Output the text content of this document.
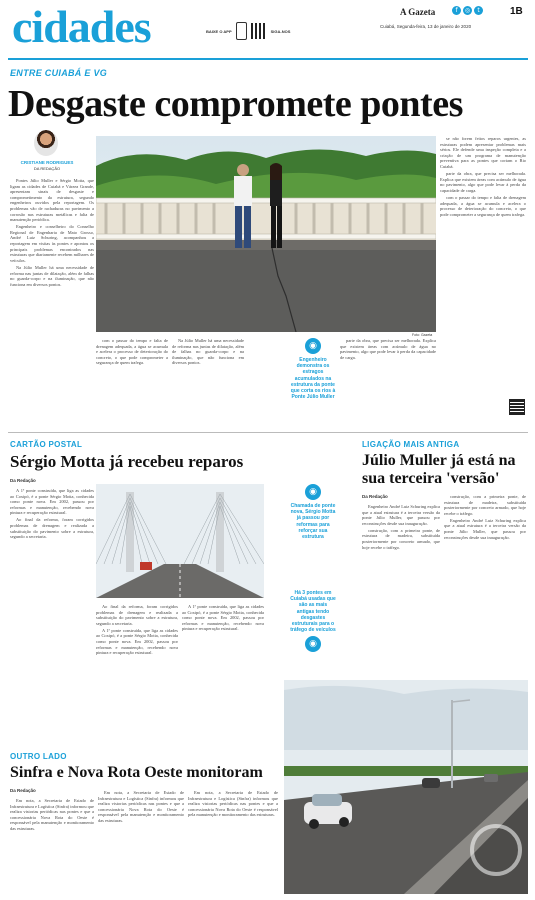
cidades	BAIXE O APP	SIGA-NOS
A Gazeta	f	◎	t	1B
Cuiabá, Segunda-feira, 13 de janeiro de 2020
ENTRE CUIABÁ E VG
Desgaste compromete pontes
CRISTIANE RODRIGUES
DA REDAÇÃO

Pontes Júlio Muller e Sérgio Motta, que ligam as cidades de Cuiabá e Várzea Grande, apresentam sinais de desgaste e comprometimento da estrutura, segundo engenheiros ouvidos pela reportagem. Os problemas vão de rachaduras no pavimento a corrosão nas estruturas metálicas e falta de manutenção periódica.

Engenheiro e conselheiro do Conselho Regional de Engenharia de Mato Grosso, André Luiz Schuring, acompanhou a reportagem em visitas às pontes e apontou os principais problemas encontrados nas estruturas que diariamente recebem milhares de veículos.

Na Júlio Muller há uma necessidade de reforma nas juntas de dilatação, além de falhas no guarda-corpo e na iluminação, que não funciona em diversos pontos.

Foto: Gazeta

se não forem feitos reparos urgentes, as estruturas podem apresentar problemas mais sérios. Ele defende uma inspeção completa e a criação de um programa de manutenção preventiva para as pontes que cortam o Rio Cuiabá.

parte da obra, que precisa ser melhorada. Explica que existem áreas com acúmulo de água no pavimento, algo que pode levar à perda da capacidade de carga.

com o passar do tempo e falta de drenagem adequada, a água se acumula e acelera o processo de deterioração do concreto, o que pode comprometer a segurança de quem trafega.

com o passar do tempo e falta de drenagem adequada, a água se acumula e acelera o processo de deterioração do concreto, o que pode comprometer a segurança de quem trafega.

Na Júlio Muller há uma necessidade de reforma nas juntas de dilatação, além de falhas no guarda-corpo e na iluminação, que não funciona em diversos pontos.

◉
Engenheiro demonstra os estragos acumulados na estrutura da ponte que corta os rios à Ponte Júlio Muller

parte da obra, que precisa ser melhorada. Explica que existem áreas com acúmulo de água no pavimento, algo que pode levar à perda da capacidade de carga.

CARTÃO POSTAL
Sérgio Motta já recebeu reparos
Da Redação

A 1ª ponte construída, que liga as cidades ao Coxipó, é a ponte Sérgio Motta, conhecida como ponte nova. Em 2002, passou por reformas e manutenção, recebendo nova pintura e recuperação estrutural.

Ao final da reforma, foram corrigidos problemas de drenagem e realizada a substituição do pavimento sobre a estrutura, segundo a secretaria.

Ao final da reforma, foram corrigidos problemas de drenagem e realizada a substituição do pavimento sobre a estrutura, segundo a secretaria.

A 1ª ponte construída, que liga as cidades ao Coxipó, é a ponte Sérgio Motta, conhecida como ponte nova. Em 2002, passou por reformas e manutenção, recebendo nova pintura e recuperação estrutural.

A 1ª ponte construída, que liga as cidades ao Coxipó, é a ponte Sérgio Motta, conhecida como ponte nova. Em 2002, passou por reformas e manutenção, recebendo nova pintura e recuperação estrutural.

◉
Chamada de ponte nova, Sérgio Motta já passou por reformas para reforçar sua estrutura
Há 3 pontes em Cuiabá usadas que são as mais antigas tendo desgastes estruturais para o tráfego de veículos
◉
LIGAÇÃO MAIS ANTIGA
Júlio Muller já está na sua terceira 'versão'
Da Redação

Engenheiro André Luiz Schuring explica que a atual estrutura é a terceira versão da ponte Júlio Muller, que passou por reconstruções desde sua inauguração.

construção, com a primeira ponte, de estrutura de madeira, substituída posteriormente por concreto armado, que hoje recebe o tráfego.

construção, com a primeira ponte, de estrutura de madeira, substituída posteriormente por concreto armado, que hoje recebe o tráfego.

Engenheiro André Luiz Schuring explica que a atual estrutura é a terceira versão da ponte Júlio Muller, que passou por reconstruções desde sua inauguração.

OUTRO LADO
Sinfra e Nova Rota Oeste monitoram
Da Redação

Em nota, a Secretaria de Estado de Infraestrutura e Logística (Sinfra) informou que realiza vistorias periódicas nas pontes e que a concessionária Nova Rota do Oeste é responsável pela manutenção e monitoramento das estruturas.

Em nota, a Secretaria de Estado de Infraestrutura e Logística (Sinfra) informou que realiza vistorias periódicas nas pontes e que a concessionária Nova Rota do Oeste é responsável pela manutenção e monitoramento das estruturas.

Em nota, a Secretaria de Estado de Infraestrutura e Logística (Sinfra) informou que realiza vistorias periódicas nas pontes e que a concessionária Nova Rota do Oeste é responsável pela manutenção e monitoramento das estruturas.
